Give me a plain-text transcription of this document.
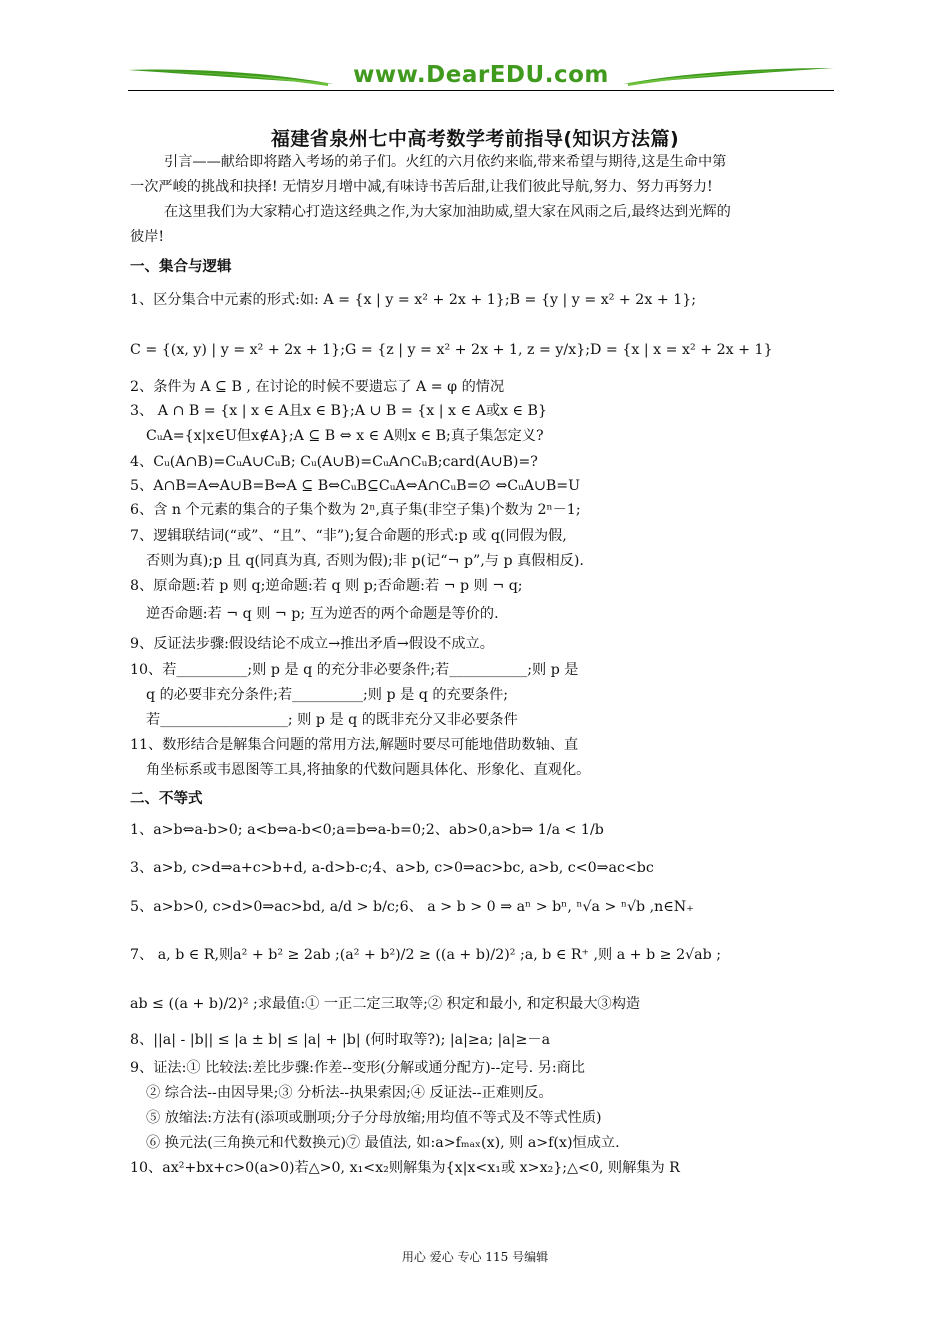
www.DearEDU.com
福建省泉州七中高考数学考前指导(知识方法篇)
引言——献给即将踏入考场的弟子们。火红的六月依约来临,带来希望与期待,这是生命中第
一次严峻的挑战和抉择! 无情岁月增中减,有味诗书苦后甜,让我们彼此导航,努力、努力再努力!
在这里我们为大家精心打造这经典之作,为大家加油助威,望大家在风雨之后,最终达到光辉的
彼岸!
一、集合与逻辑
1、区分集合中元素的形式:如: A = {x | y = x² + 2x + 1};B = {y | y = x² + 2x + 1};
C = {(x, y) | y = x² + 2x + 1};G = {z | y = x² + 2x + 1, z = y/x};D = {x | x = x² + 2x + 1}
2、条件为 A ⊆ B , 在讨论的时候不要遗忘了 A = φ 的情况
3、 A ∩ B = {x | x ∈ A且x ∈ B};A ∪ B = {x | x ∈ A或x ∈ B}
CᵤA={x|x∈U但x∉A};A ⊆ B ⇔ x ∈ A则x ∈ B;真子集怎定义?
4、Cᵤ(A∩B)=CᵤA∪CᵤB; Cᵤ(A∪B)=CᵤA∩CᵤB;card(A∪B)=?
5、A∩B=A⇔A∪B=B⇔A ⊆ B⇔CᵤB⊆CᵤA⇔A∩CᵤB=∅ ⇔CᵤA∪B=U
6、含 n 个元素的集合的子集个数为 2ⁿ,真子集(非空子集)个数为 2ⁿ－1;
7、逻辑联结词(“或”、“且”、“非”);复合命题的形式:p 或 q(同假为假,
否则为真);p 且 q(同真为真, 否则为假);非 p(记“¬ p”,与 p 真假相反).
8、原命题:若 p 则 q;逆命题:若 q 则 p;否命题:若 ¬ p 则 ¬ q;
逆否命题:若 ¬ q 则 ¬ p; 互为逆否的两个命题是等价的.
9、反证法步骤:假设结论不成立→推出矛盾→假设不成立。
10、若__________;则 p 是 q 的充分非必要条件;若___________;则 p 是
q 的必要非充分条件;若__________;则 p 是 q 的充要条件;
若__________________; 则 p 是 q 的既非充分又非必要条件
11、数形结合是解集合问题的常用方法,解题时要尽可能地借助数轴、直
角坐标系或韦恩图等工具,将抽象的代数问题具体化、形象化、直观化。
二、不等式
1、a>b⇔a-b>0; a<b⇔a-b<0;a=b⇔a-b=0;2、ab>0,a>b⇒ 1/a < 1/b
3、a>b, c>d⇒a+c>b+d, a-d>b-c;4、a>b, c>0⇒ac>bc, a>b, c<0⇒ac<bc
5、a>b>0, c>d>0⇒ac>bd, a/d > b/c;6、 a > b > 0 ⇒ aⁿ > bⁿ, ⁿ√a > ⁿ√b ,n∈N₊
7、 a, b ∈ R,则a² + b² ≥ 2ab ;(a² + b²)/2 ≥ ((a + b)/2)² ;a, b ∈ R⁺ ,则 a + b ≥ 2√ab ;
ab ≤ ((a + b)/2)² ;求最值:① 一正二定三取等;② 积定和最小, 和定积最大③构造
8、||a| - |b|| ≤ |a ± b| ≤ |a| + |b| (何时取等?); |a|≥a; |a|≥－a
9、证法:① 比较法:差比步骤:作差--变形(分解或通分配方)--定号. 另:商比
② 综合法--由因导果;③ 分析法--执果索因;④ 反证法--正难则反。
⑤ 放缩法:方法有(添项或删项;分子分母放缩;用均值不等式及不等式性质)
⑥ 换元法(三角换元和代数换元)⑦ 最值法, 如:a>fₘₐₓ(x), 则 a>f(x)恒成立.
10、ax²+bx+c>0(a>0)若△>0, x₁<x₂则解集为{x|x<x₁或 x>x₂};△<0, 则解集为 R
用心 爱心 专心 115 号编辑
